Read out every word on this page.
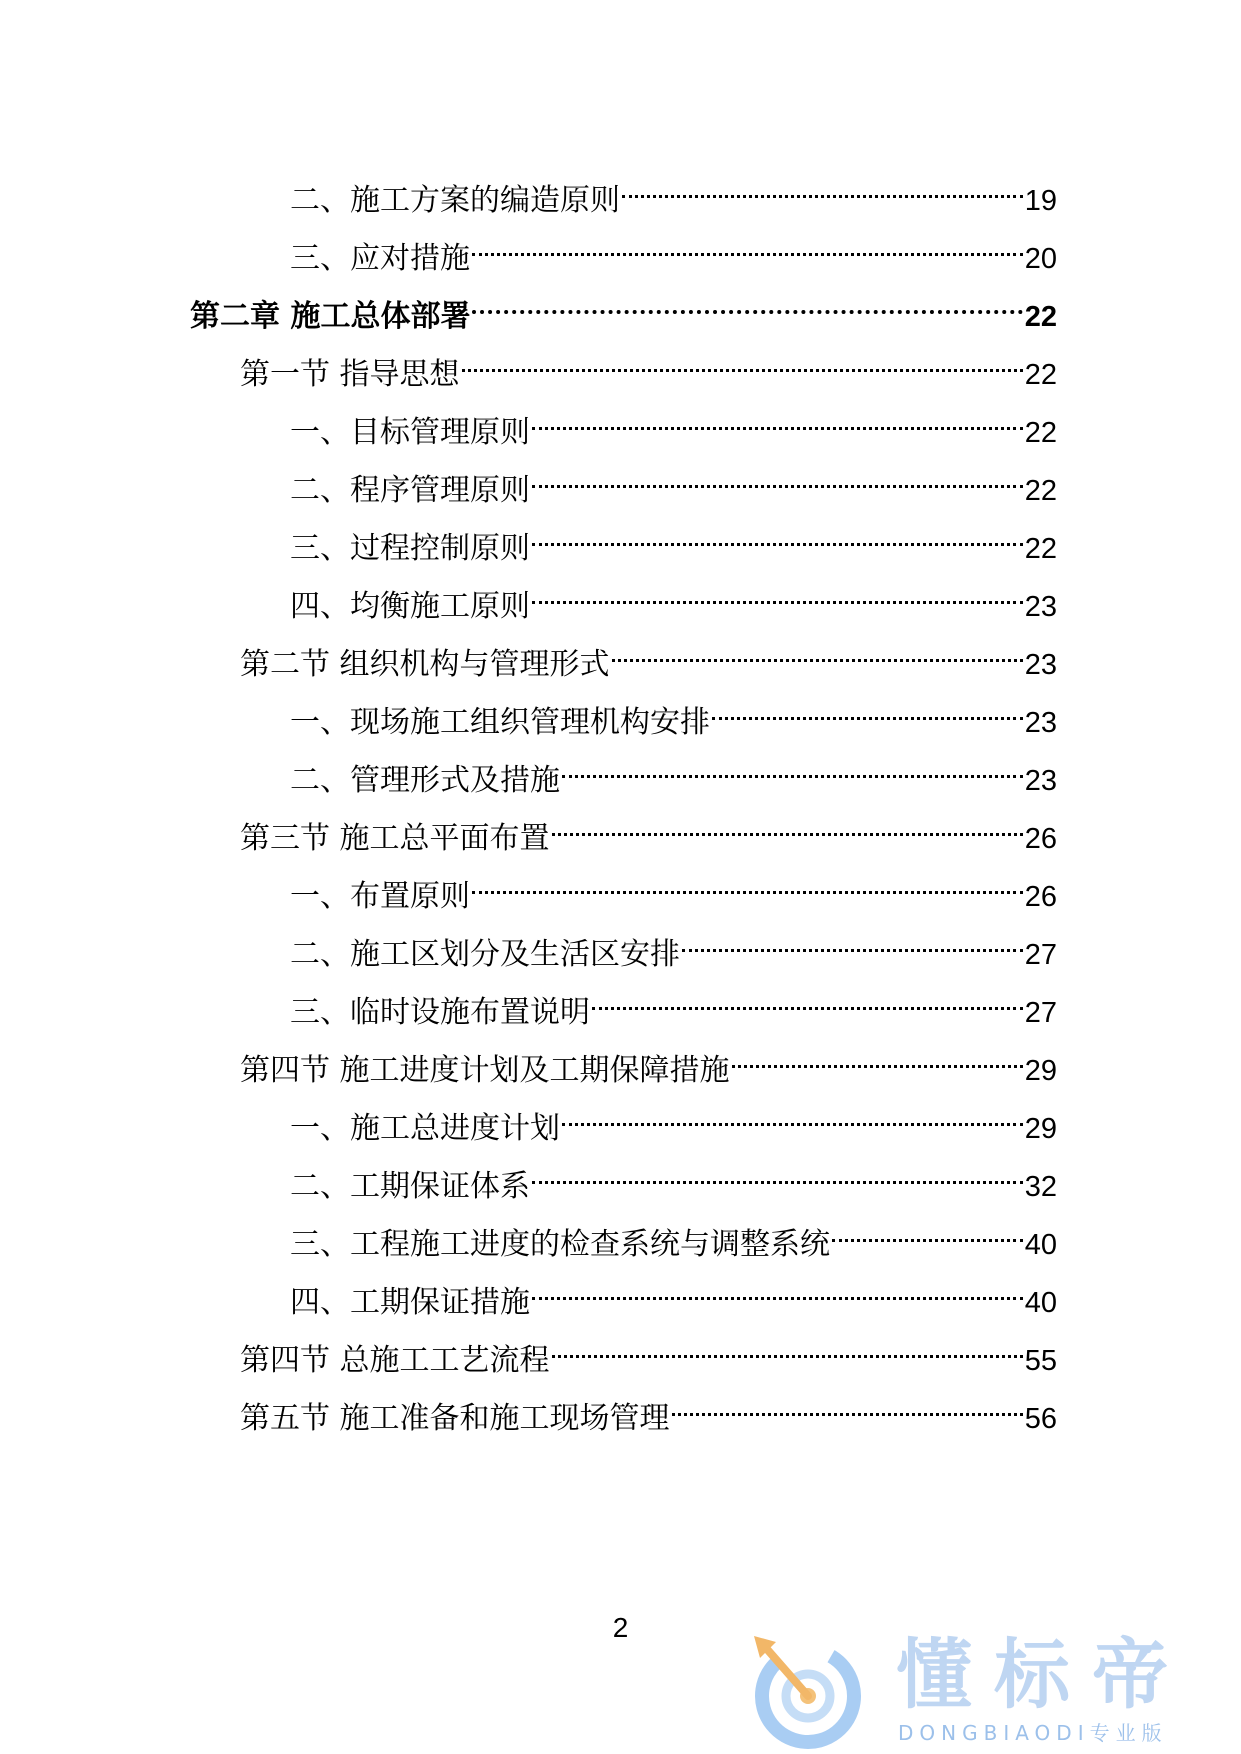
二、施工方案的编造原则	19
三、应对措施	20
第二章 施工总体部署	22
第一节 指导思想	22
一、目标管理原则	22
二、程序管理原则	22
三、过程控制原则	22
四、均衡施工原则	23
第二节 组织机构与管理形式	23
一、现场施工组织管理机构安排	23
二、管理形式及措施	23
第三节 施工总平面布置	26
一、布置原则	26
二、施工区划分及生活区安排	27
三、临时设施布置说明	27
第四节 施工进度计划及工期保障措施	29
一、施工总进度计划	29
二、工期保证体系	32
三、工程施工进度的检查系统与调整系统	40
四、工期保证措施	40
第四节 总施工工艺流程	55
第五节 施工准备和施工现场管理	56
2
懂标帝
DONGBIAODI专业版
